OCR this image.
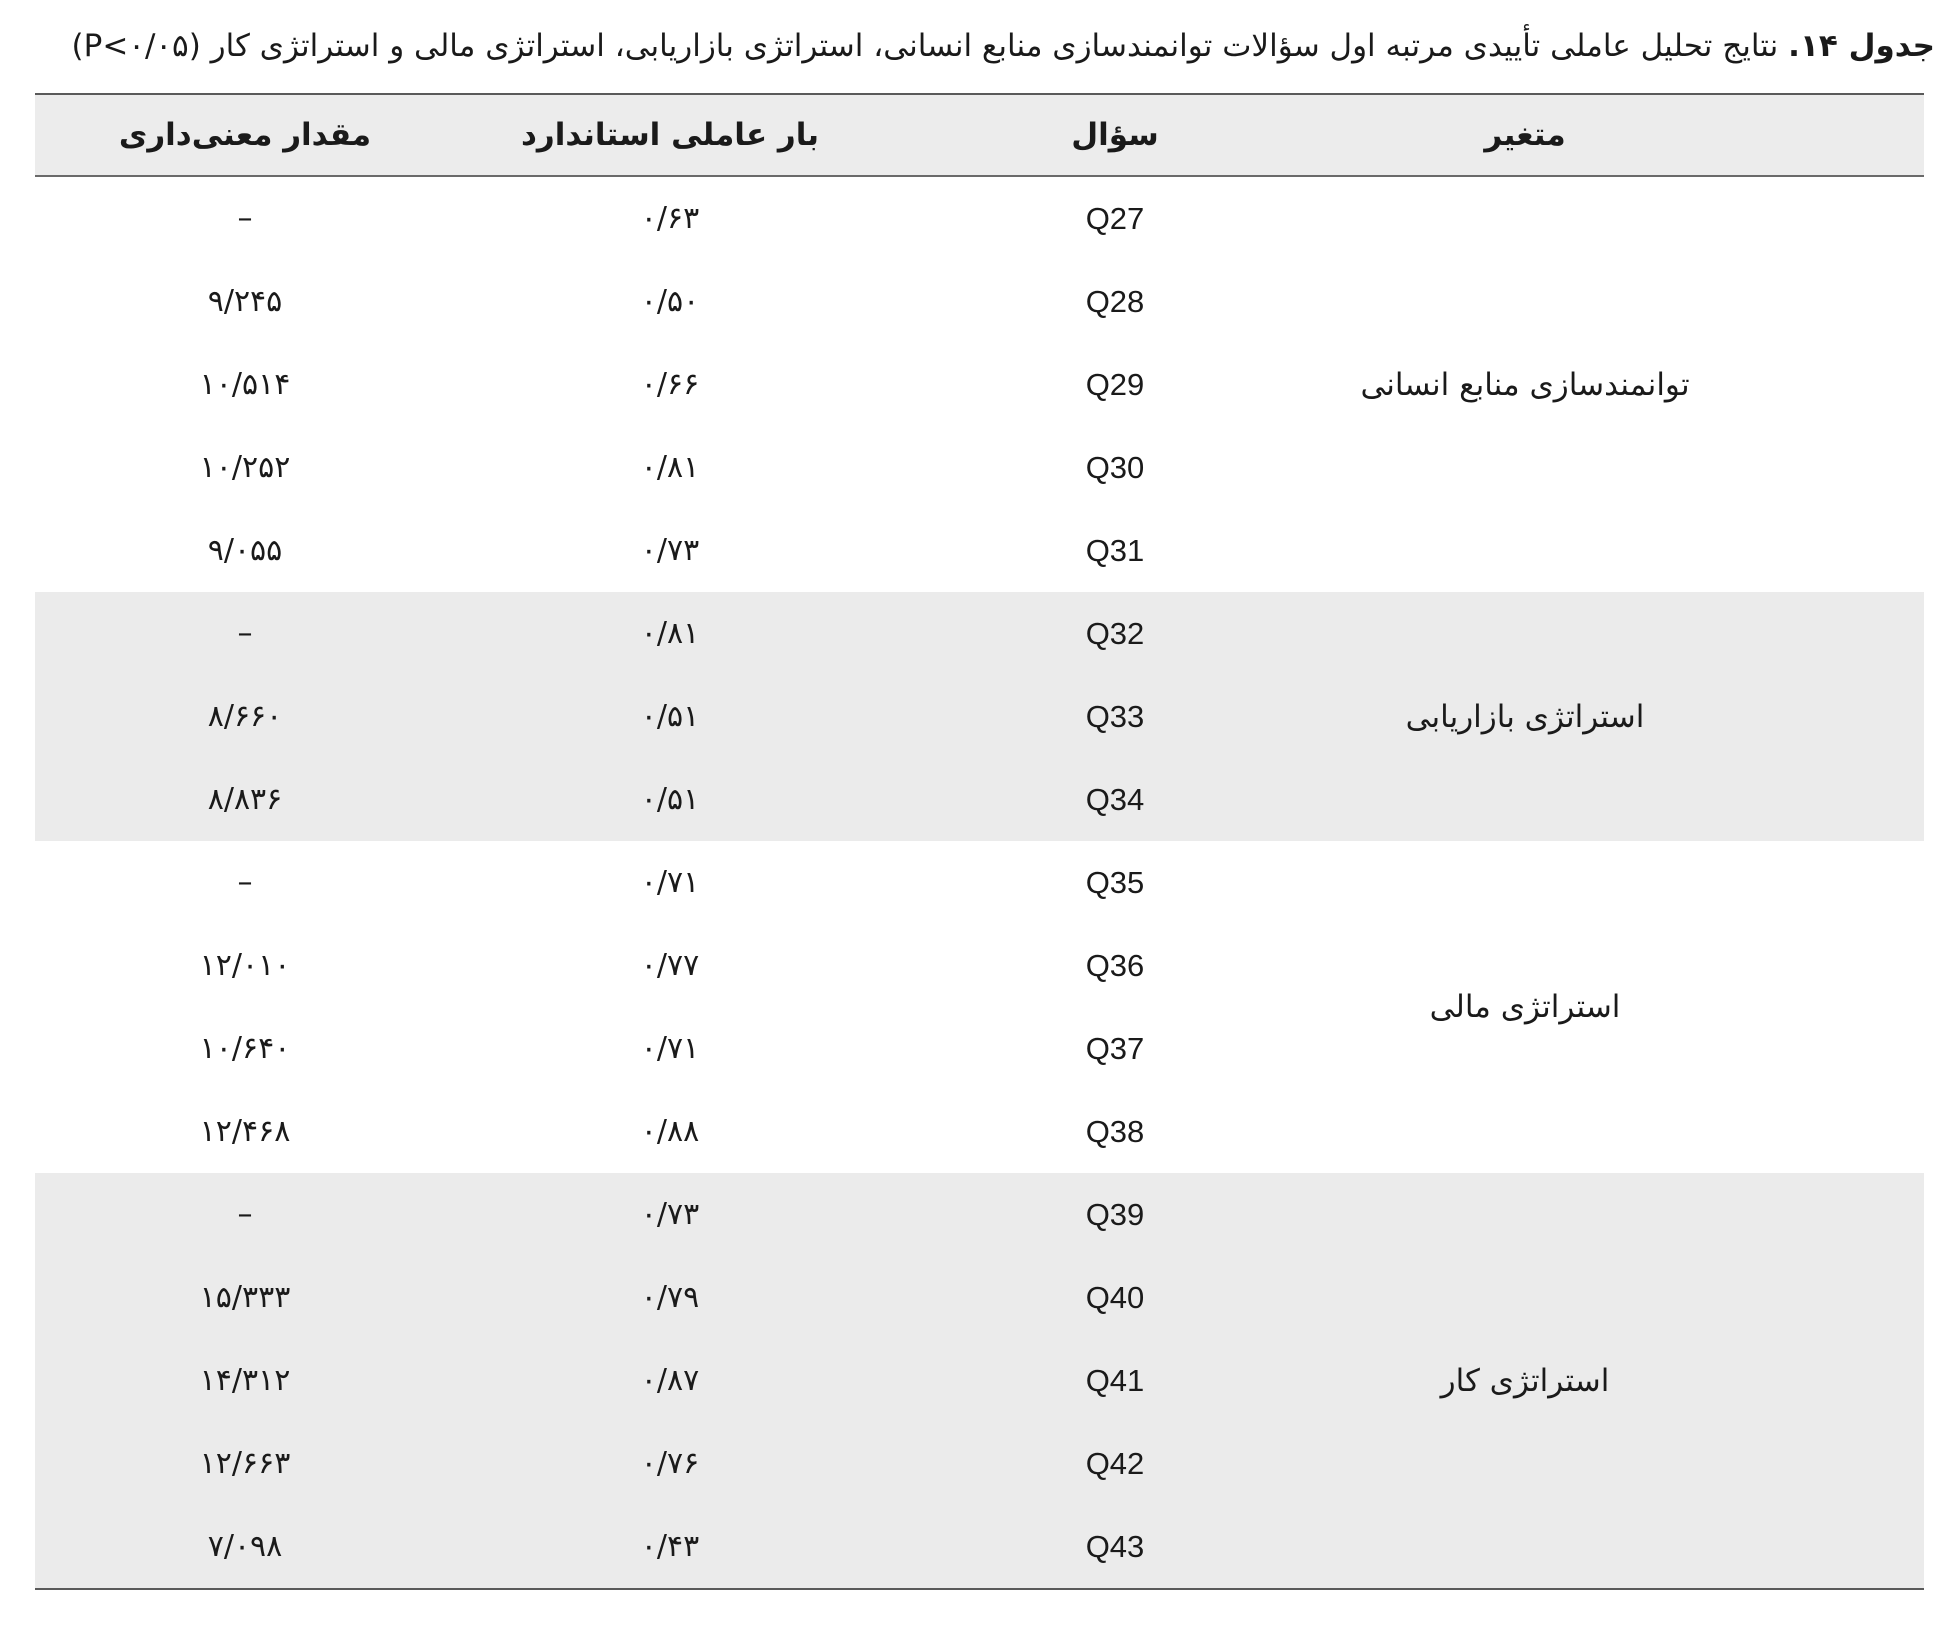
جدول ۱۴. نتایج تحلیل عاملی تأییدی مرتبه اول سؤالات توانمندسازی منابع انسانی، استراتژی بازاریابی، استراتژی مالی و استراتژی کار (P<۰/۰۵)
متغیر
سؤال
بار عاملی استاندارد
مقدار معنی‌داری
Q27
۰/۶۳
–
Q28
۰/۵۰
۹/۲۴۵
Q29
۰/۶۶
۱۰/۵۱۴
Q30
۰/۸۱
۱۰/۲۵۲
Q31
۰/۷۳
۹/۰۵۵
توانمندسازی منابع انسانی
Q32
۰/۸۱
–
Q33
۰/۵۱
۸/۶۶۰
Q34
۰/۵۱
۸/۸۳۶
استراتژی بازاریابی
Q35
۰/۷۱
–
Q36
۰/۷۷
۱۲/۰۱۰
Q37
۰/۷۱
۱۰/۶۴۰
Q38
۰/۸۸
۱۲/۴۶۸
استراتژی مالی
Q39
۰/۷۳
–
Q40
۰/۷۹
۱۵/۳۳۳
Q41
۰/۸۷
۱۴/۳۱۲
Q42
۰/۷۶
۱۲/۶۶۳
Q43
۰/۴۳
۷/۰۹۸
استراتژی کار
